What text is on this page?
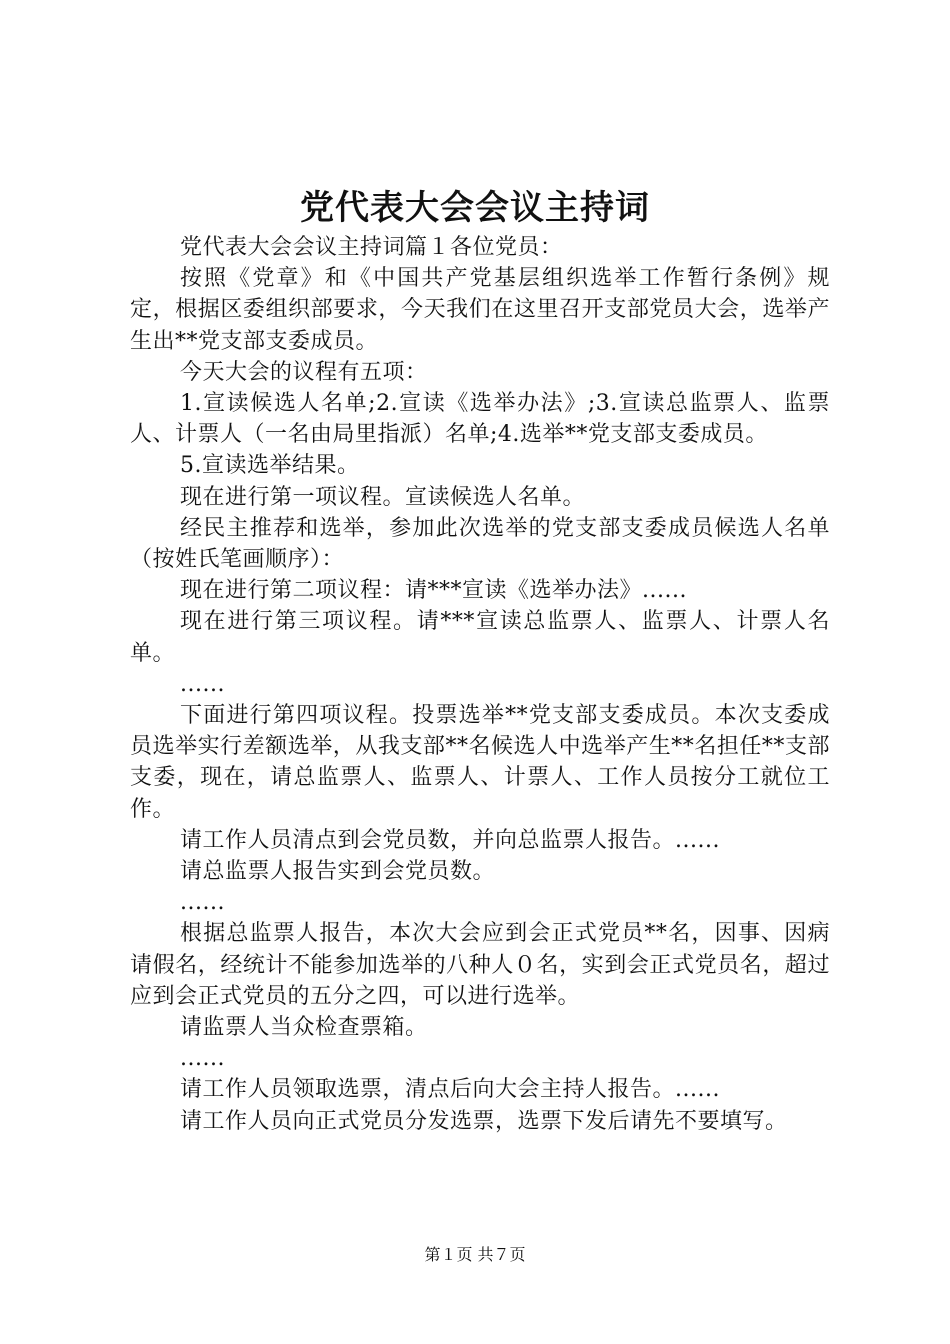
党代表大会会议主持词

党代表大会会议主持词篇１各位党员：

按照《党章》和《中国共产党基层组织选举工作暂行条例》规定，根据区委组织部要求，今天我们在这里召开支部党员大会，选举产生出**党支部支委成员。

今天大会的议程有五项：

1.宣读候选人名单;2.宣读《选举办法》;3.宣读总监票人、监票人、计票人（一名由局里指派）名单;4.选举**党支部支委成员。

5.宣读选举结果。

现在进行第一项议程。宣读候选人名单。

经民主推荐和选举，参加此次选举的党支部支委成员候选人名单（按姓氏笔画顺序）：

现在进行第二项议程：请***宣读《选举办法》......

现在进行第三项议程。请***宣读总监票人、监票人、计票人名单。

......

下面进行第四项议程。投票选举**党支部支委成员。本次支委成员选举实行差额选举，从我支部**名候选人中选举产生**名担任**支部支委，现在，请总监票人、监票人、计票人、工作人员按分工就位工作。

请工作人员清点到会党员数，并向总监票人报告。......

请总监票人报告实到会党员数。

......

根据总监票人报告，本次大会应到会正式党员**名，因事、因病请假名，经统计不能参加选举的八种人０名，实到会正式党员名，超过应到会正式党员的五分之四，可以进行选举。

请监票人当众检查票箱。

......

请工作人员领取选票，清点后向大会主持人报告。......

请工作人员向正式党员分发选票，选票下发后请先不要填写。

第１页 共７页
